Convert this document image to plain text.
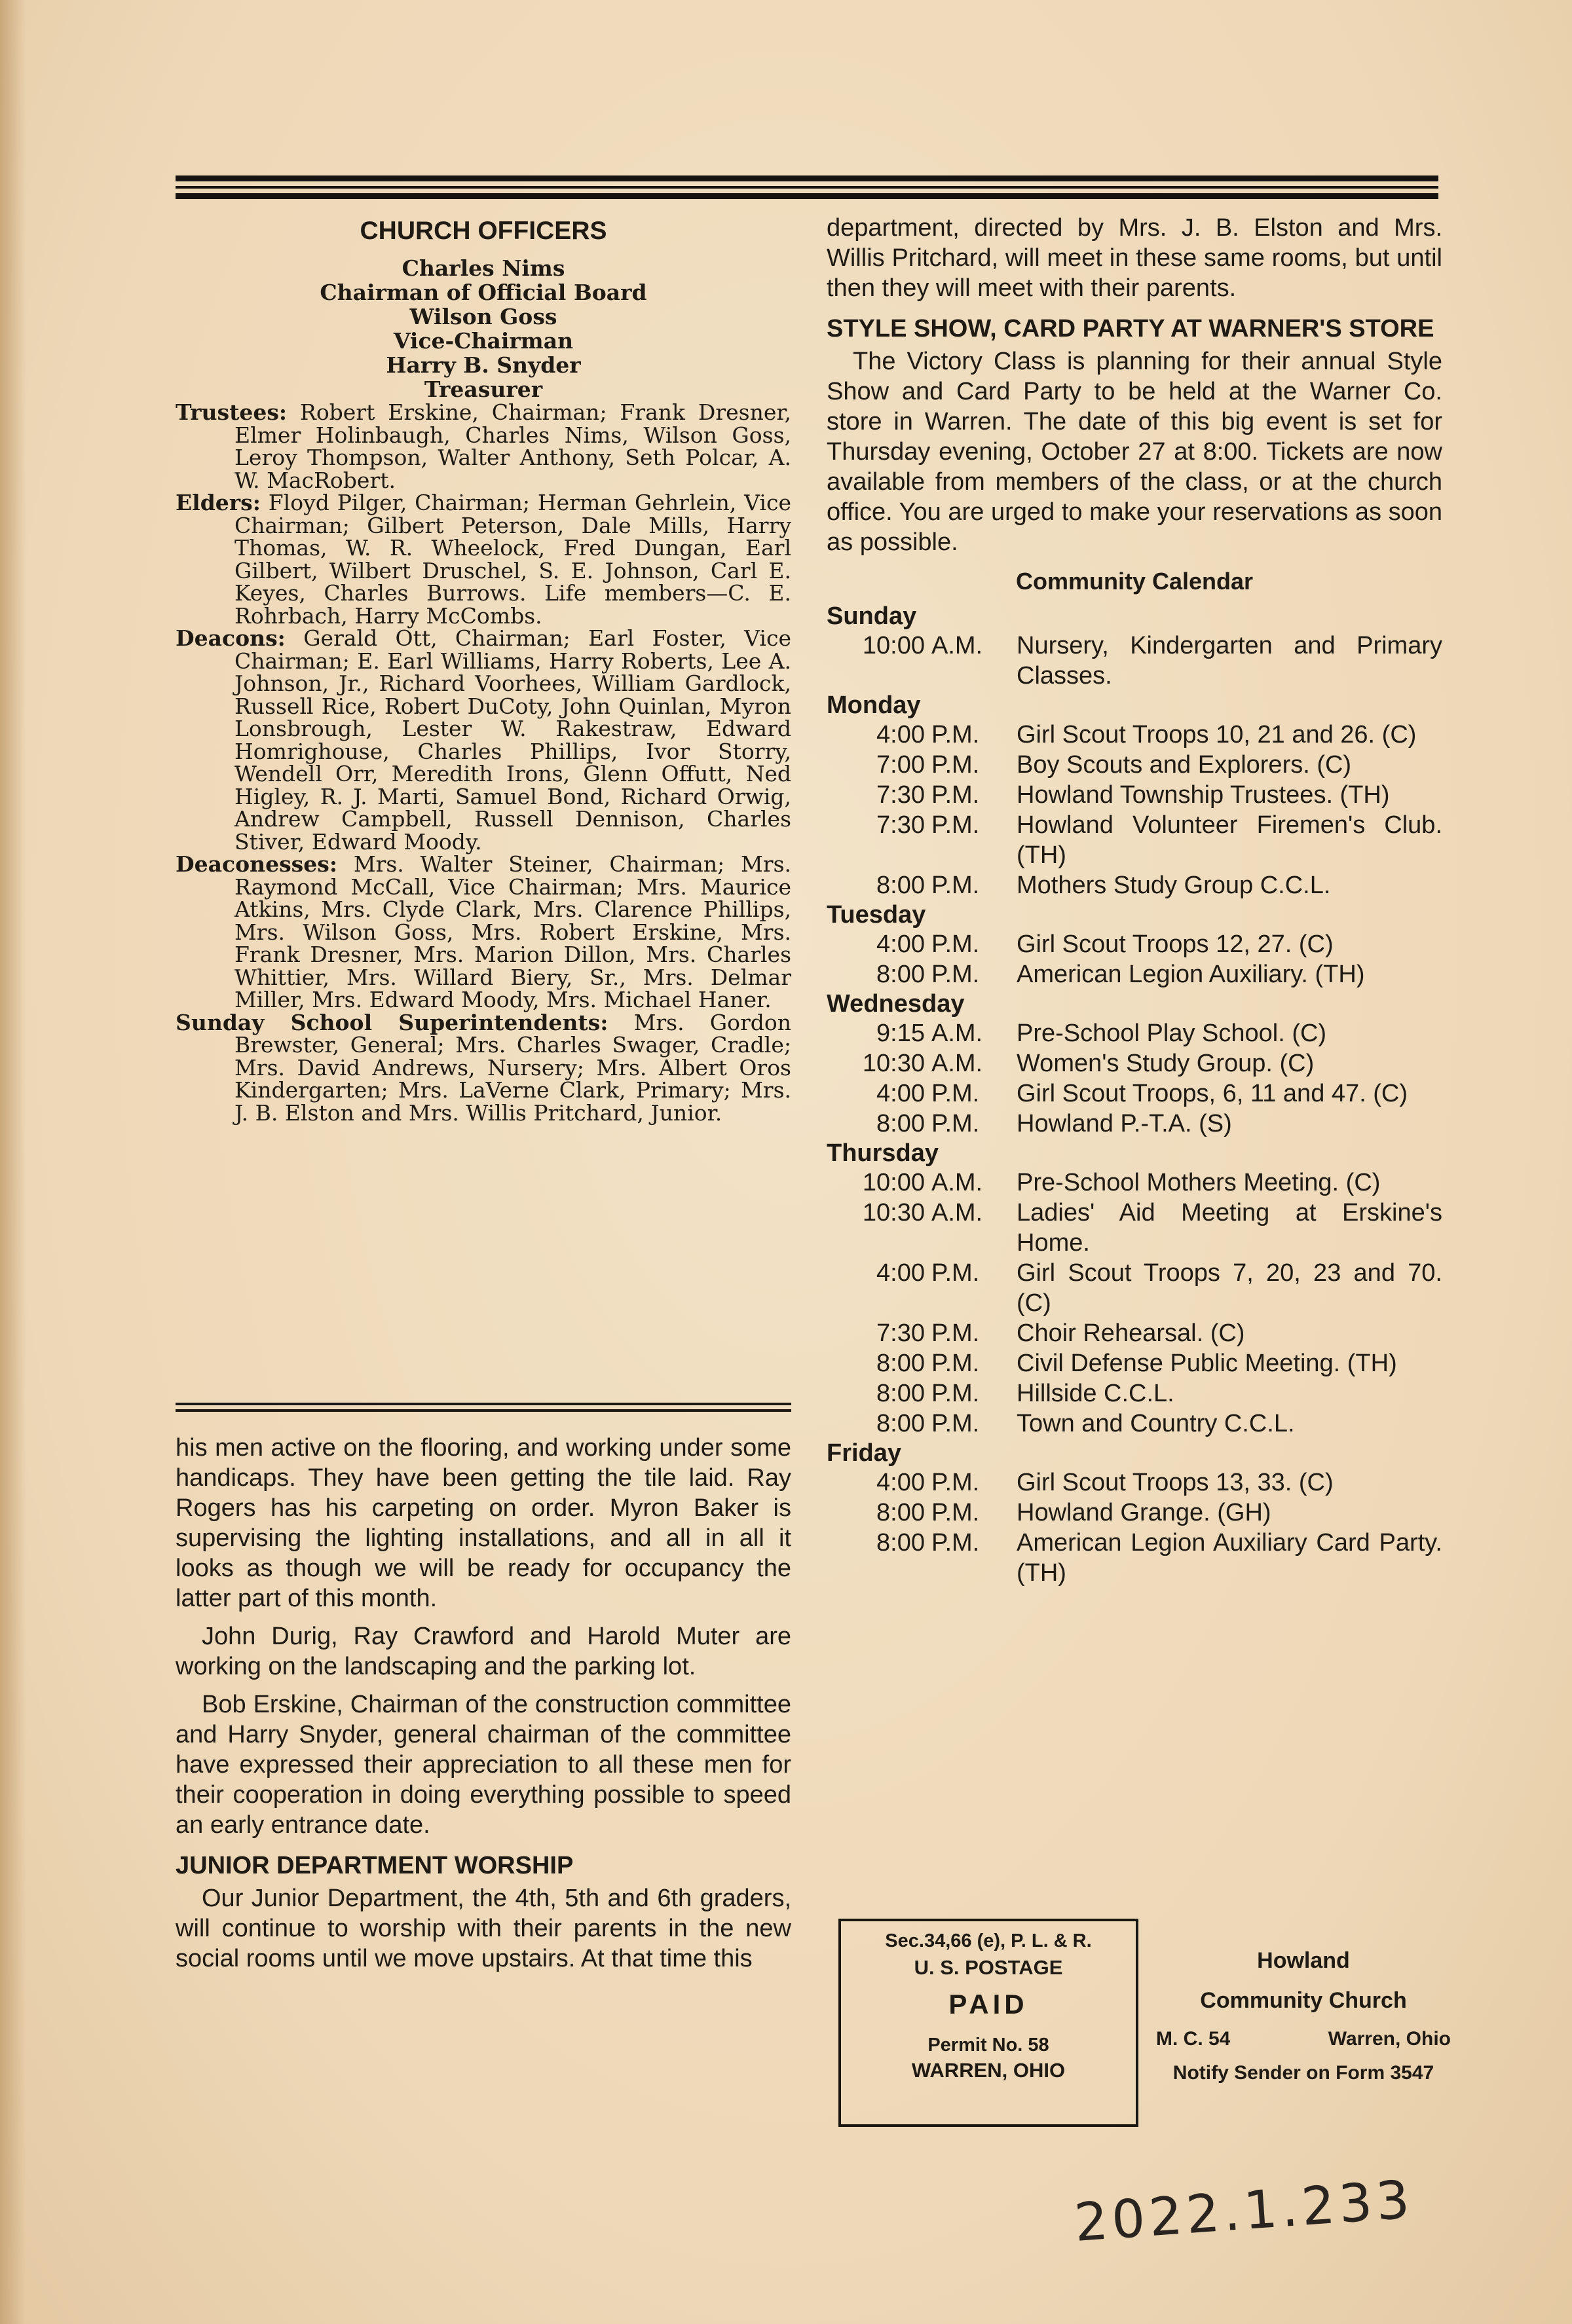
CHURCH OFFICERS
Charles Nims
Chairman of Official Board
Wilson Goss
Vice-Chairman
Harry B. Snyder
Treasurer

Trustees: Robert Erskine, Chairman; Frank Dresner, Elmer Holinbaugh, Charles Nims, Wilson Goss, Leroy Thompson, Walter Anthony, Seth Polcar, A. W. MacRobert.

Elders: Floyd Pilger, Chairman; Herman Gehrlein, Vice Chairman; Gilbert Peterson, Dale Mills, Harry Thomas, W. R. Wheelock, Fred Dungan, Earl Gilbert, Wilbert Druschel, S. E. Johnson, Carl E. Keyes, Charles Burrows. Life members—C. E. Rohrbach, Harry McCombs.

Deacons: Gerald Ott, Chairman; Earl Foster, Vice Chairman; E. Earl Williams, Harry Roberts, Lee A. Johnson, Jr., Richard Voorhees, William Gardlock, Russell Rice, Robert DuCoty, John Quinlan, Myron Lonsbrough, Lester W. Rakestraw, Edward Homrighouse, Charles Phillips, Ivor Storry, Wendell Orr, Meredith Irons, Glenn Offutt, Ned Higley, R. J. Marti, Samuel Bond, Richard Orwig, Andrew Campbell, Russell Dennison, Charles Stiver, Edward Moody.

Deaconesses: Mrs. Walter Steiner, Chairman; Mrs. Raymond McCall, Vice Chairman; Mrs. Maurice Atkins, Mrs. Clyde Clark, Mrs. Clarence Phillips, Mrs. Wilson Goss, Mrs. Robert Erskine, Mrs. Frank Dresner, Mrs. Marion Dillon, Mrs. Charles Whittier, Mrs. Willard Biery, Sr., Mrs. Delmar Miller, Mrs. Edward Moody, Mrs. Michael Haner.

Sunday School Superintendents: Mrs. Gordon Brewster, General; Mrs. Charles Swager, Cradle; Mrs. David Andrews, Nursery; Mrs. Albert Oros Kindergarten; Mrs. LaVerne Clark, Primary; Mrs. J. B. Elston and Mrs. Willis Pritchard, Junior.

his men active on the flooring, and working under some handicaps. They have been getting the tile laid. Ray Rogers has his carpeting on order. Myron Baker is supervising the lighting installations, and all in all it looks as though we will be ready for occupancy the latter part of this month.

John Durig, Ray Crawford and Harold Muter are working on the landscaping and the parking lot.

Bob Erskine, Chairman of the construction committee and Harry Snyder, general chairman of the committee have expressed their appreciation to all these men for their cooperation in doing everything possible to speed an early entrance date.

JUNIOR DEPARTMENT WORSHIP

Our Junior Department, the 4th, 5th and 6th graders, will continue to worship with their parents in the new social rooms until we move upstairs. At that time this

department, directed by Mrs. J. B. Elston and Mrs. Willis Pritchard, will meet in these same rooms, but until then they will meet with their parents.

STYLE SHOW, CARD PARTY AT WARNER'S STORE

The Victory Class is planning for their annual Style Show and Card Party to be held at the Warner Co. store in Warren. The date of this big event is set for Thursday evening, October 27 at 8:00. Tickets are now available from members of the class, or at the church office. You are urged to make your reservations as soon as possible.

Community Calendar
Sunday
10:00 A.M.	Nursery, Kindergarten and Primary Classes.
Monday
4:00 P.M.	Girl Scout Troops 10, 21 and 26. (C)
7:00 P.M.	Boy Scouts and Explorers. (C)
7:30 P.M.	Howland Township Trustees. (TH)
7:30 P.M.	Howland Volunteer Firemen's Club. (TH)
8:00 P.M.	Mothers Study Group C.C.L.
Tuesday
4:00 P.M.	Girl Scout Troops 12, 27. (C)
8:00 P.M.	American Legion Auxiliary. (TH)
Wednesday
9:15 A.M.	Pre-School Play School. (C)
10:30 A.M.	Women's Study Group. (C)
4:00 P.M.	Girl Scout Troops, 6, 11 and 47. (C)
8:00 P.M.	Howland P.-T.A. (S)
Thursday
10:00 A.M.	Pre-School Mothers Meeting. (C)
10:30 A.M.	Ladies' Aid Meeting at Erskine's Home.
4:00 P.M.	Girl Scout Troops 7, 20, 23 and 70. (C)
7:30 P.M.	Choir Rehearsal. (C)
8:00 P.M.	Civil Defense Public Meeting. (TH)
8:00 P.M.	Hillside C.C.L.
8:00 P.M.	Town and Country C.C.L.
Friday
4:00 P.M.	Girl Scout Troops 13, 33. (C)
8:00 P.M.	Howland Grange. (GH)
8:00 P.M.	American Legion Auxiliary Card Party. (TH)
Sec.34,66 (e), P. L. & R.
U. S. POSTAGE
PAID
Permit No. 58
WARREN, OHIO
Howland
Community Church
M. C. 54	Warren, Ohio
Notify Sender on Form 3547
2022.1.233
